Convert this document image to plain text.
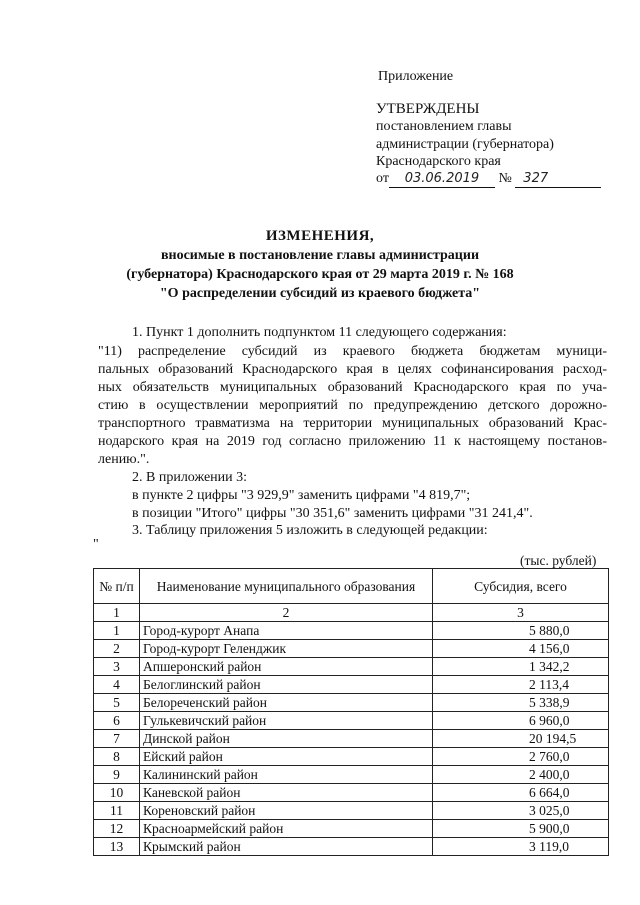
Приложение
УТВЕРЖДЕНЫ
постановлением главы
администрации (губернатора)
Краснодарского края
от 03.06.2019 № 327
ИЗМЕНЕНИЯ,
вносимые в постановление главы администрации
(губернатора) Краснодарского края от 29 марта 2019 г. № 168
"О распределении субсидий из краевого бюджета"
1. Пункт 1 дополнить подпунктом 11 следующего содержания:
"11) распределение субсидий из краевого бюджета бюджетам муници-
пальных образований Краснодарского края в целях софинансирования расход-
ных обязательств муниципальных образований Краснодарского края по уча-
стию в осуществлении мероприятий по предупреждению детского дорожно-
транспортного травматизма на территории муниципальных образований Крас-
нодарского края на 2019 год согласно приложению 11 к настоящему постанов-
лению.".
2. В приложении 3:
в пункте 2 цифры "3 929,9" заменить цифрами "4 819,7";
в позиции "Итого" цифры "30 351,6" заменить цифрами "31 241,4".
3. Таблицу приложения 5 изложить в следующей редакции:
"
(тыс. рублей)
№ п/п	Наименование муниципального образования	Субсидия, всего
1	2	3
1	Город-курорт Анапа	5 880,0
2	Город-курорт Геленджик	4 156,0
3	Апшеронский район	1 342,2
4	Белоглинский район	2 113,4
5	Белореченский район	5 338,9
6	Гулькевичский район	6 960,0
7	Динской район	20 194,5
8	Ейский район	2 760,0
9	Калининский район	2 400,0
10	Каневской район	6 664,0
11	Кореновский район	3 025,0
12	Красноармейский район	5 900,0
13	Крымский район	3 119,0
